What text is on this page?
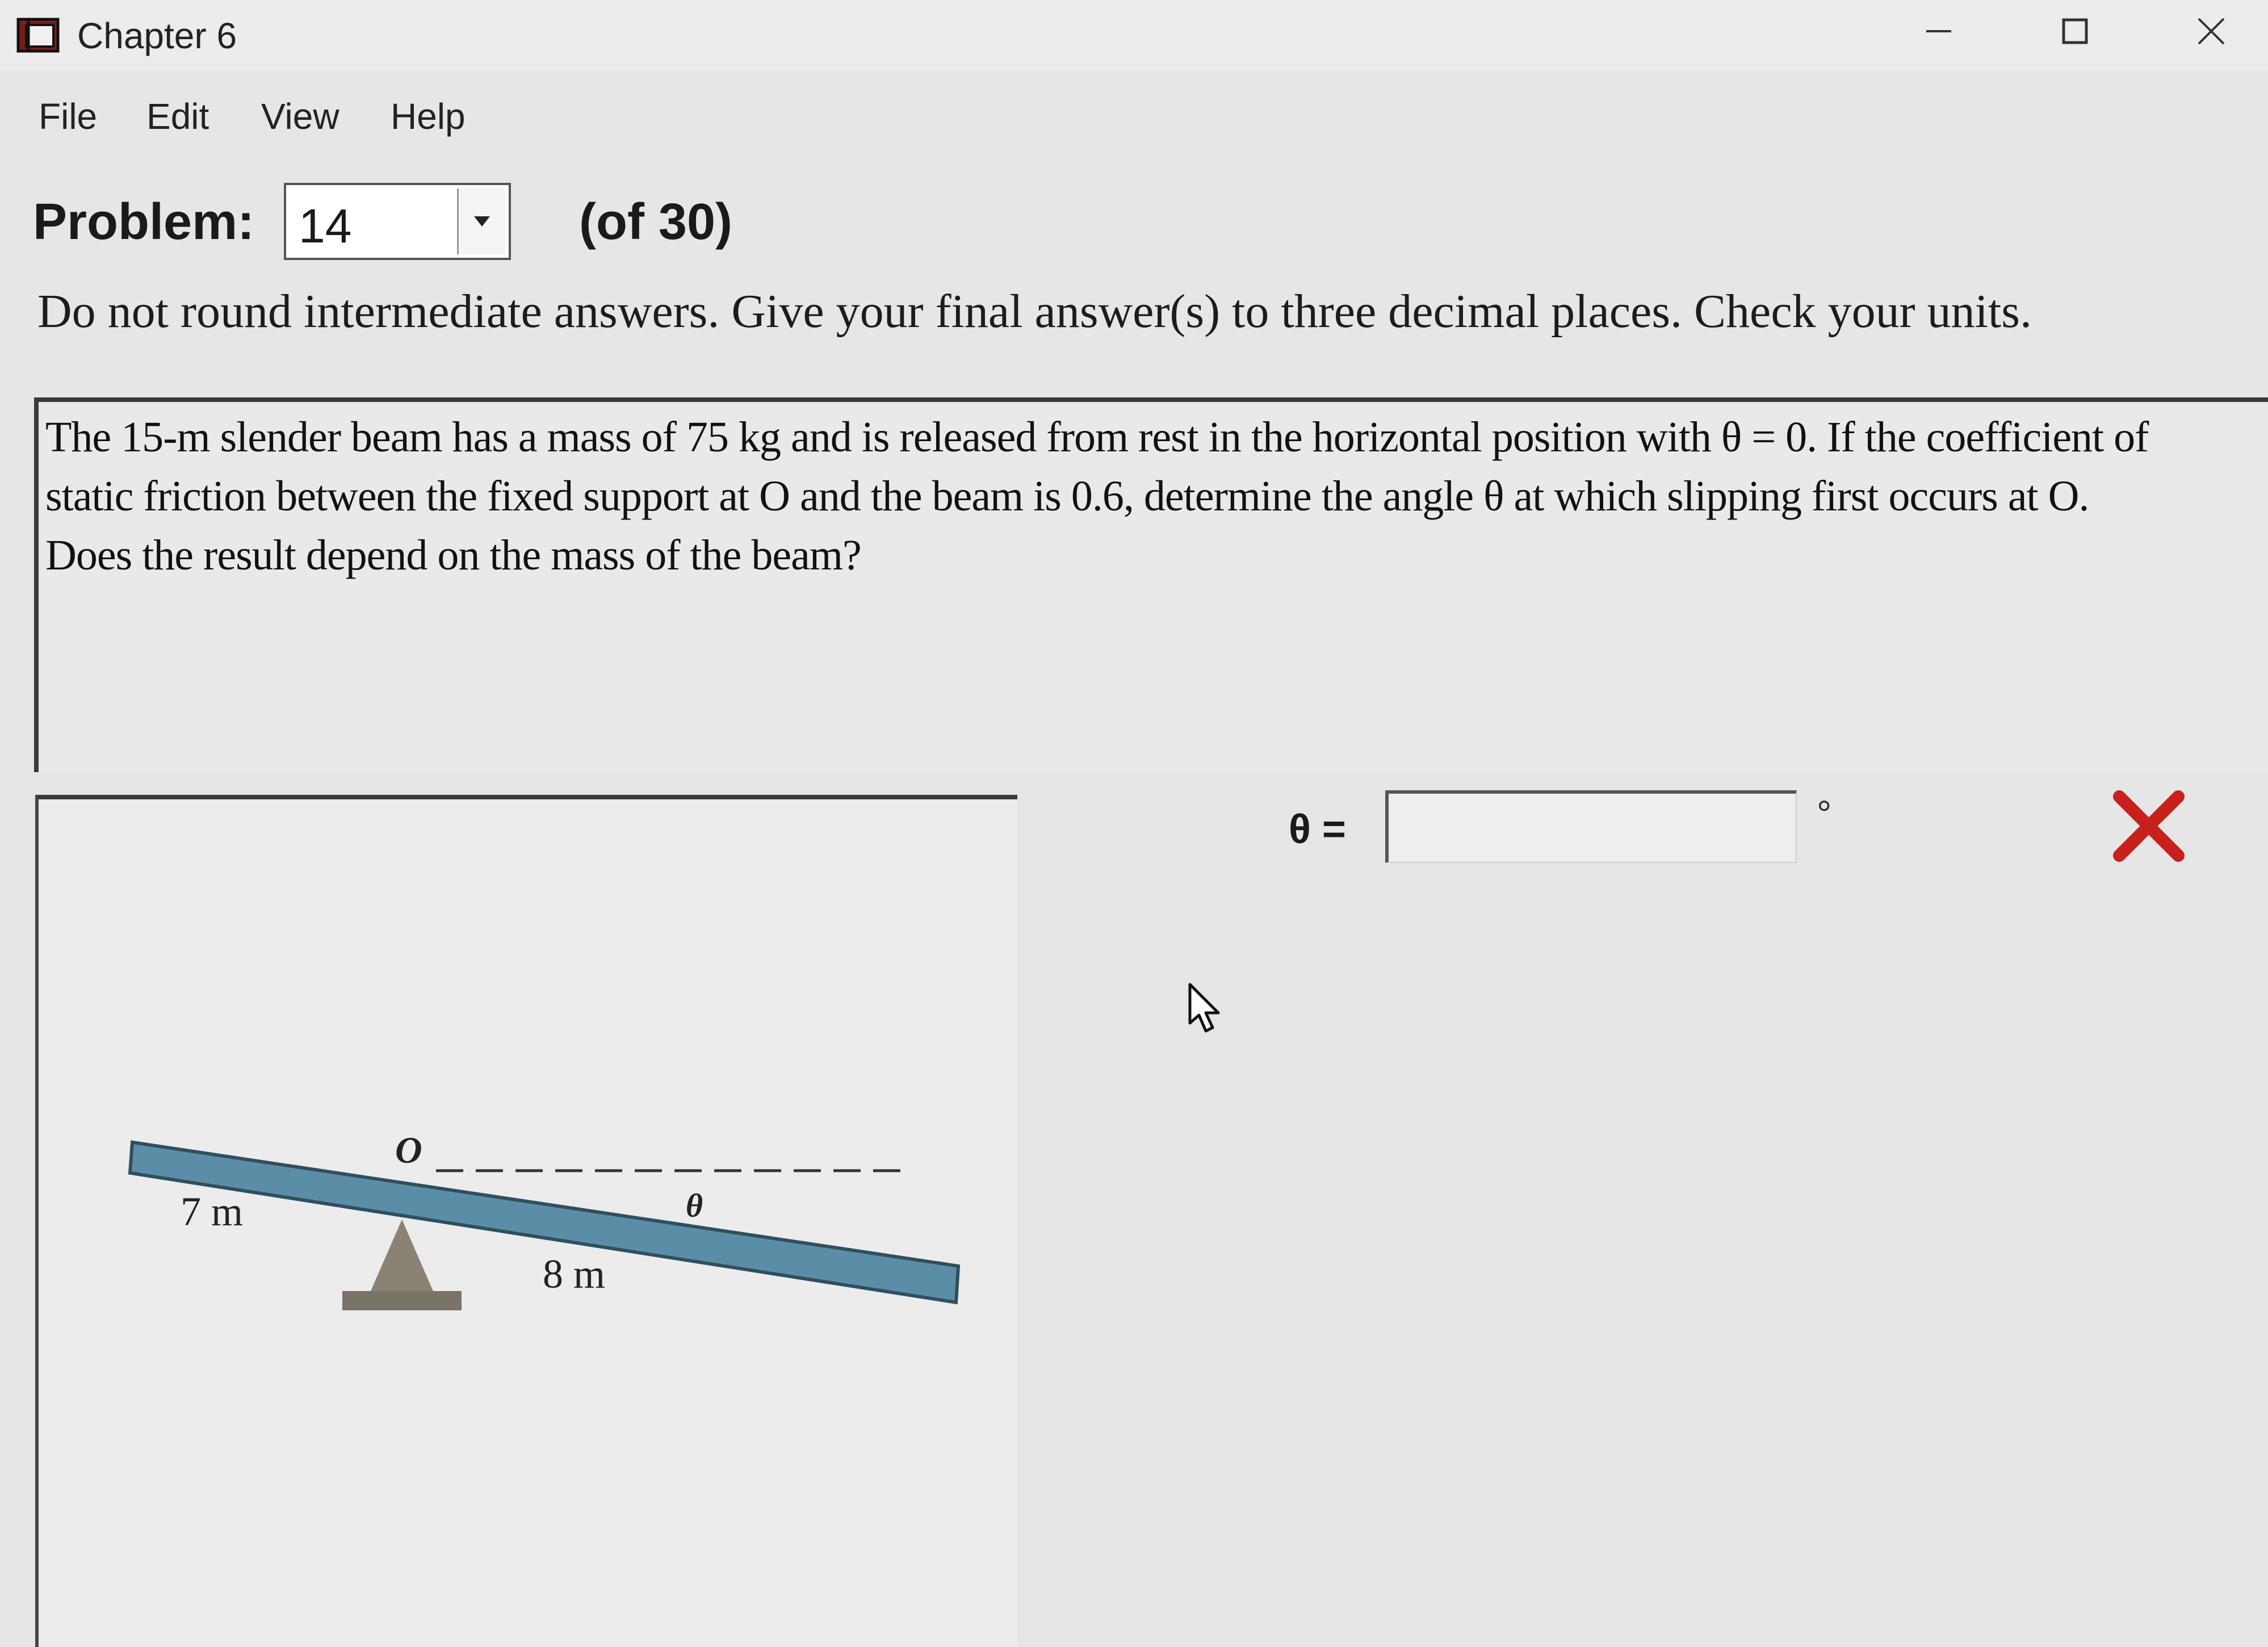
Chapter 6
File Edit View Help
Problem: 14	(of 30)
Do not round intermediate answers. Give your final answer(s) to three decimal places. Check your units.
The 15-m slender beam has a mass of 75 kg and is released from rest in the horizontal position with θ = 0. If the coefficient of
static friction between the fixed support at O and the beam is 0.6, determine the angle θ at which slipping first occurs at O.
Does the result depend on the mass of the beam?
O
θ
7 m
8 m
θ =	°
